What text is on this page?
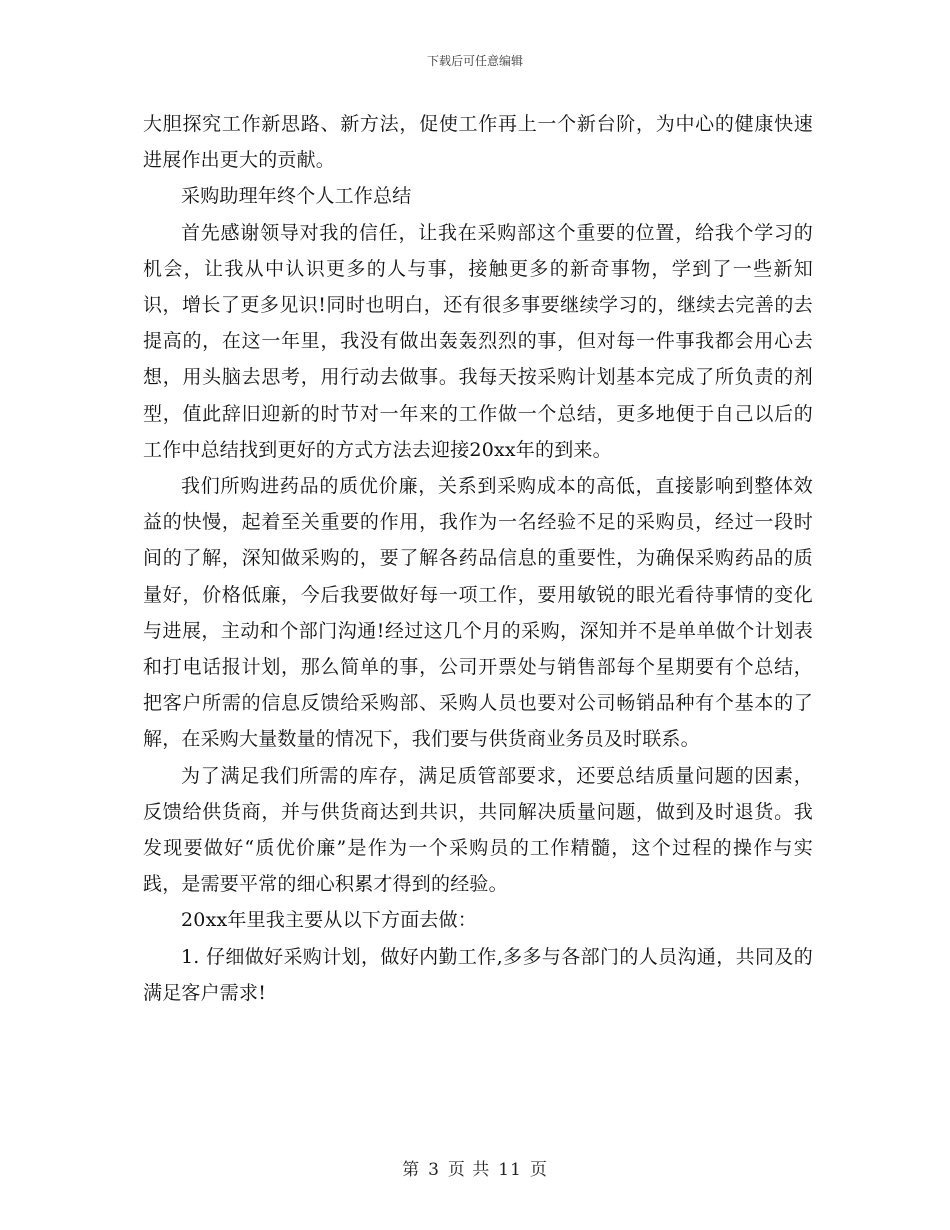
下载后可任意编辑

大胆探究工作新思路、新方法，促使工作再上一个新台阶，为中心的健康快速进展作出更大的贡献。

采购助理年终个人工作总结

首先感谢领导对我的信任，让我在采购部这个重要的位置，给我个学习的机会，让我从中认识更多的人与事，接触更多的新奇事物，学到了一些新知识，增长了更多见识!同时也明白，还有很多事要继续学习的，继续去完善的去提高的，在这一年里，我没有做出轰轰烈烈的事，但对每一件事我都会用心去想，用头脑去思考，用行动去做事。我每天按采购计划基本完成了所负责的剂型，值此辞旧迎新的时节对一年来的工作做一个总结，更多地便于自己以后的工作中总结找到更好的方式方法去迎接20xx年的到来。

我们所购进药品的质优价廉，关系到采购成本的高低，直接影响到整体效益的快慢，起着至关重要的作用，我作为一名经验不足的采购员，经过一段时间的了解，深知做采购的，要了解各药品信息的重要性，为确保采购药品的质量好，价格低廉，今后我要做好每一项工作，要用敏锐的眼光看待事情的变化与进展，主动和个部门沟通!经过这几个月的采购，深知并不是单单做个计划表和打电话报计划，那么简单的事，公司开票处与销售部每个星期要有个总结，把客户所需的信息反馈给采购部、采购人员也要对公司畅销品种有个基本的了解，在采购大量数量的情况下，我们要与供货商业务员及时联系。

为了满足我们所需的库存，满足质管部要求，还要总结质量问题的因素，反馈给供货商，并与供货商达到共识，共同解决质量问题，做到及时退货。我发现要做好“质优价廉”是作为一个采购员的工作精髓，这个过程的操作与实践，是需要平常的细心积累才得到的经验。

20xx年里我主要从以下方面去做：

1. 仔细做好采购计划，做好内勤工作,多多与各部门的人员沟通，共同及的满足客户需求!

第 3 页 共 11 页
